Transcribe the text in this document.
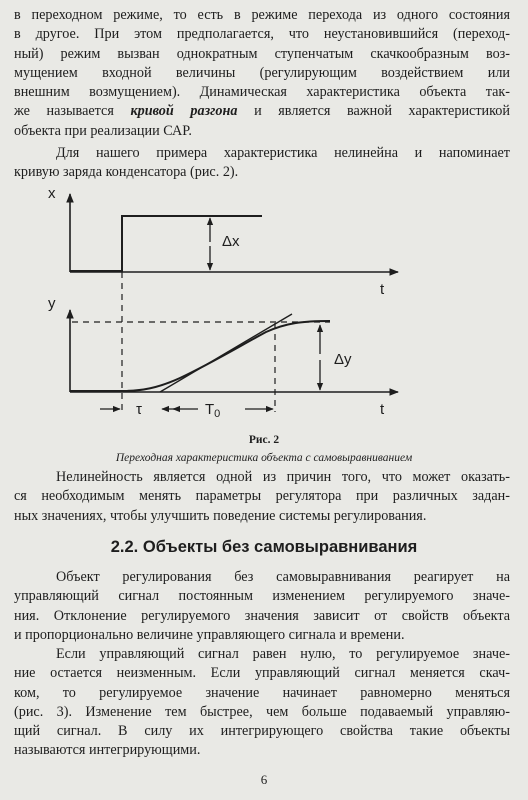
в переходном режиме, то есть в режиме перехода из одного состояния
в другое. При этом предполагается, что неустановившийся (переход-
ный) режим вызван однократным ступенчатым скачкообразным воз-
мущением входной величины (регулирующим воздействием или
внешним возмущением). Динамическая характеристика объекта так-
же называется кривой разгона и является важной характеристикой
объекта при реализации САР.
Для нашего примера характеристика нелинейна и напоминает
кривую заряда конденсатора (рис. 2).
x
t
Δx
y
t
Δy
τ	$T_0$
Рис. 2
Переходная характеристика объекта с самовыравниванием
Нелинейность является одной из причин того, что может оказать-
ся необходимым менять параметры регулятора при различных задан-
ных значениях, чтобы улучшить поведение системы регулирования.
2.2. Объекты без самовыравнивания
Объект регулирования без самовыравнивания реагирует на
управляющий сигнал постоянным изменением регулируемого значе-
ния. Отклонение регулируемого значения зависит от свойств объекта
и пропорционально величине управляющего сигнала и времени.
Если управляющий сигнал равен нулю, то регулируемое значе-
ние остается неизменным. Если управляющий сигнал меняется скач-
ком, то регулируемое значение начинает равномерно меняться
(рис. 3). Изменение тем быстрее, чем больше подаваемый управляю-
щий сигнал. В силу их интегрирующего свойства такие объекты
называются интегрирующими.
6
